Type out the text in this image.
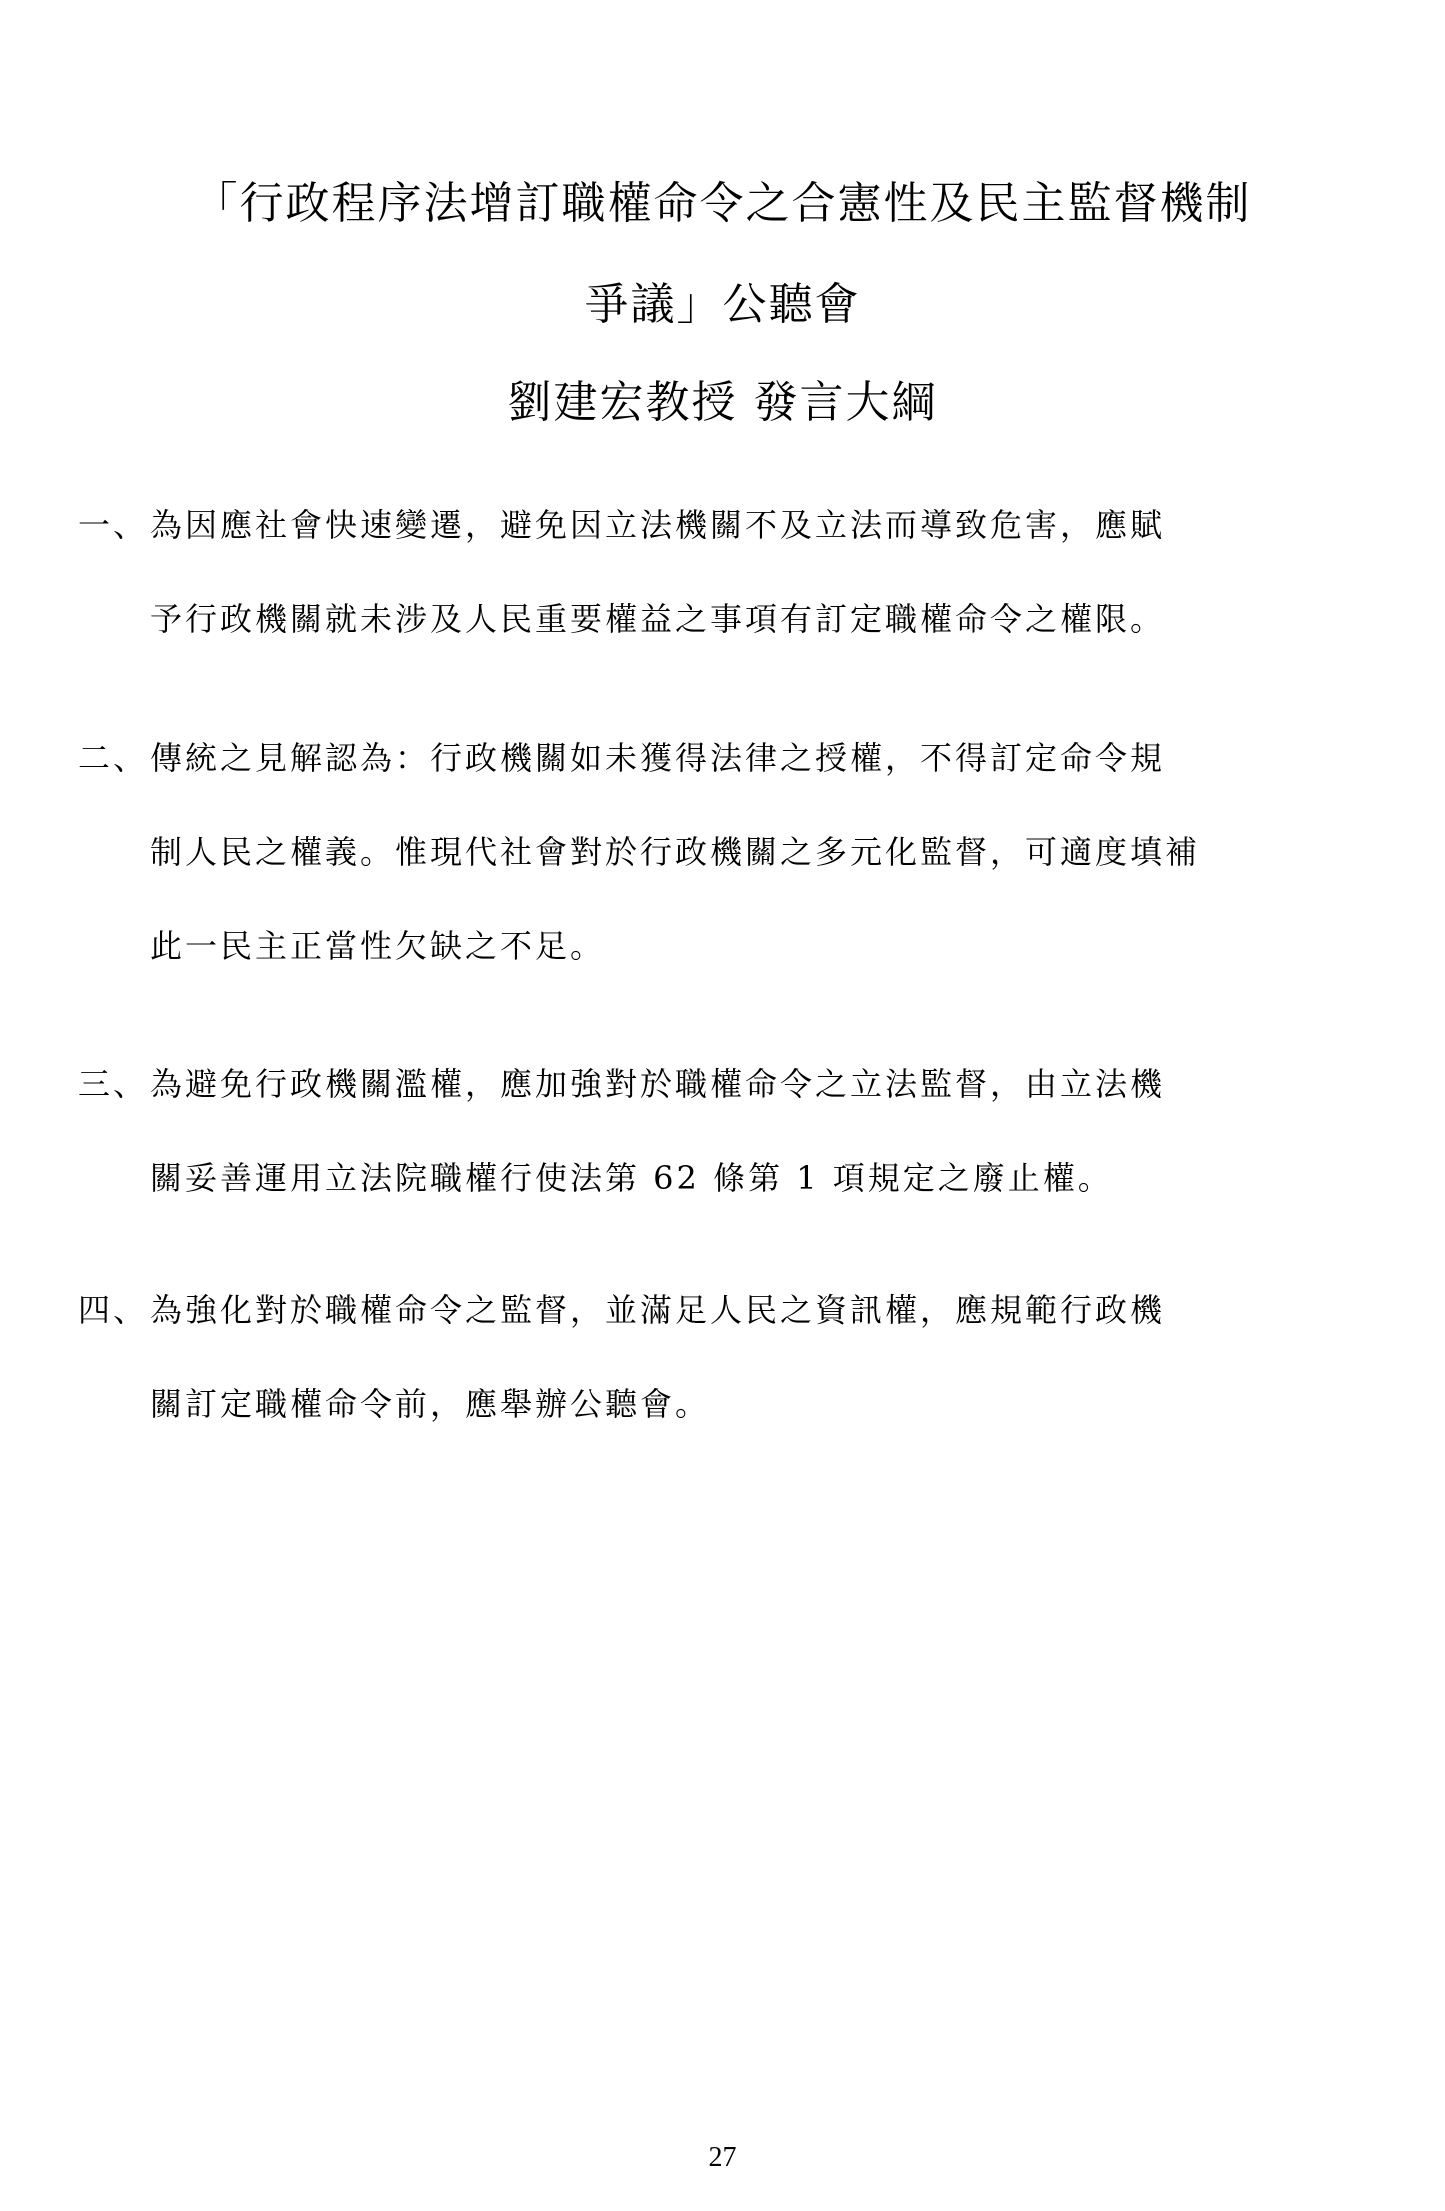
「行政程序法增訂職權命令之合憲性及民主監督機制
爭議」公聽會
劉建宏教授 發言大綱
一、 為因應社會快速變遷，避免因立法機關不及立法而導致危害，應賦
予行政機關就未涉及人民重要權益之事項有訂定職權命令之權限。
二、 傳統之見解認為：行政機關如未獲得法律之授權，不得訂定命令規
制人民之權義。惟現代社會對於行政機關之多元化監督，可適度填補
此一民主正當性欠缺之不足。
三、 為避免行政機關濫權，應加強對於職權命令之立法監督，由立法機
關妥善運用立法院職權行使法第 62 條第 1 項規定之廢止權。
四、 為強化對於職權命令之監督，並滿足人民之資訊權，應規範行政機
關訂定職權命令前，應舉辦公聽會。
27
